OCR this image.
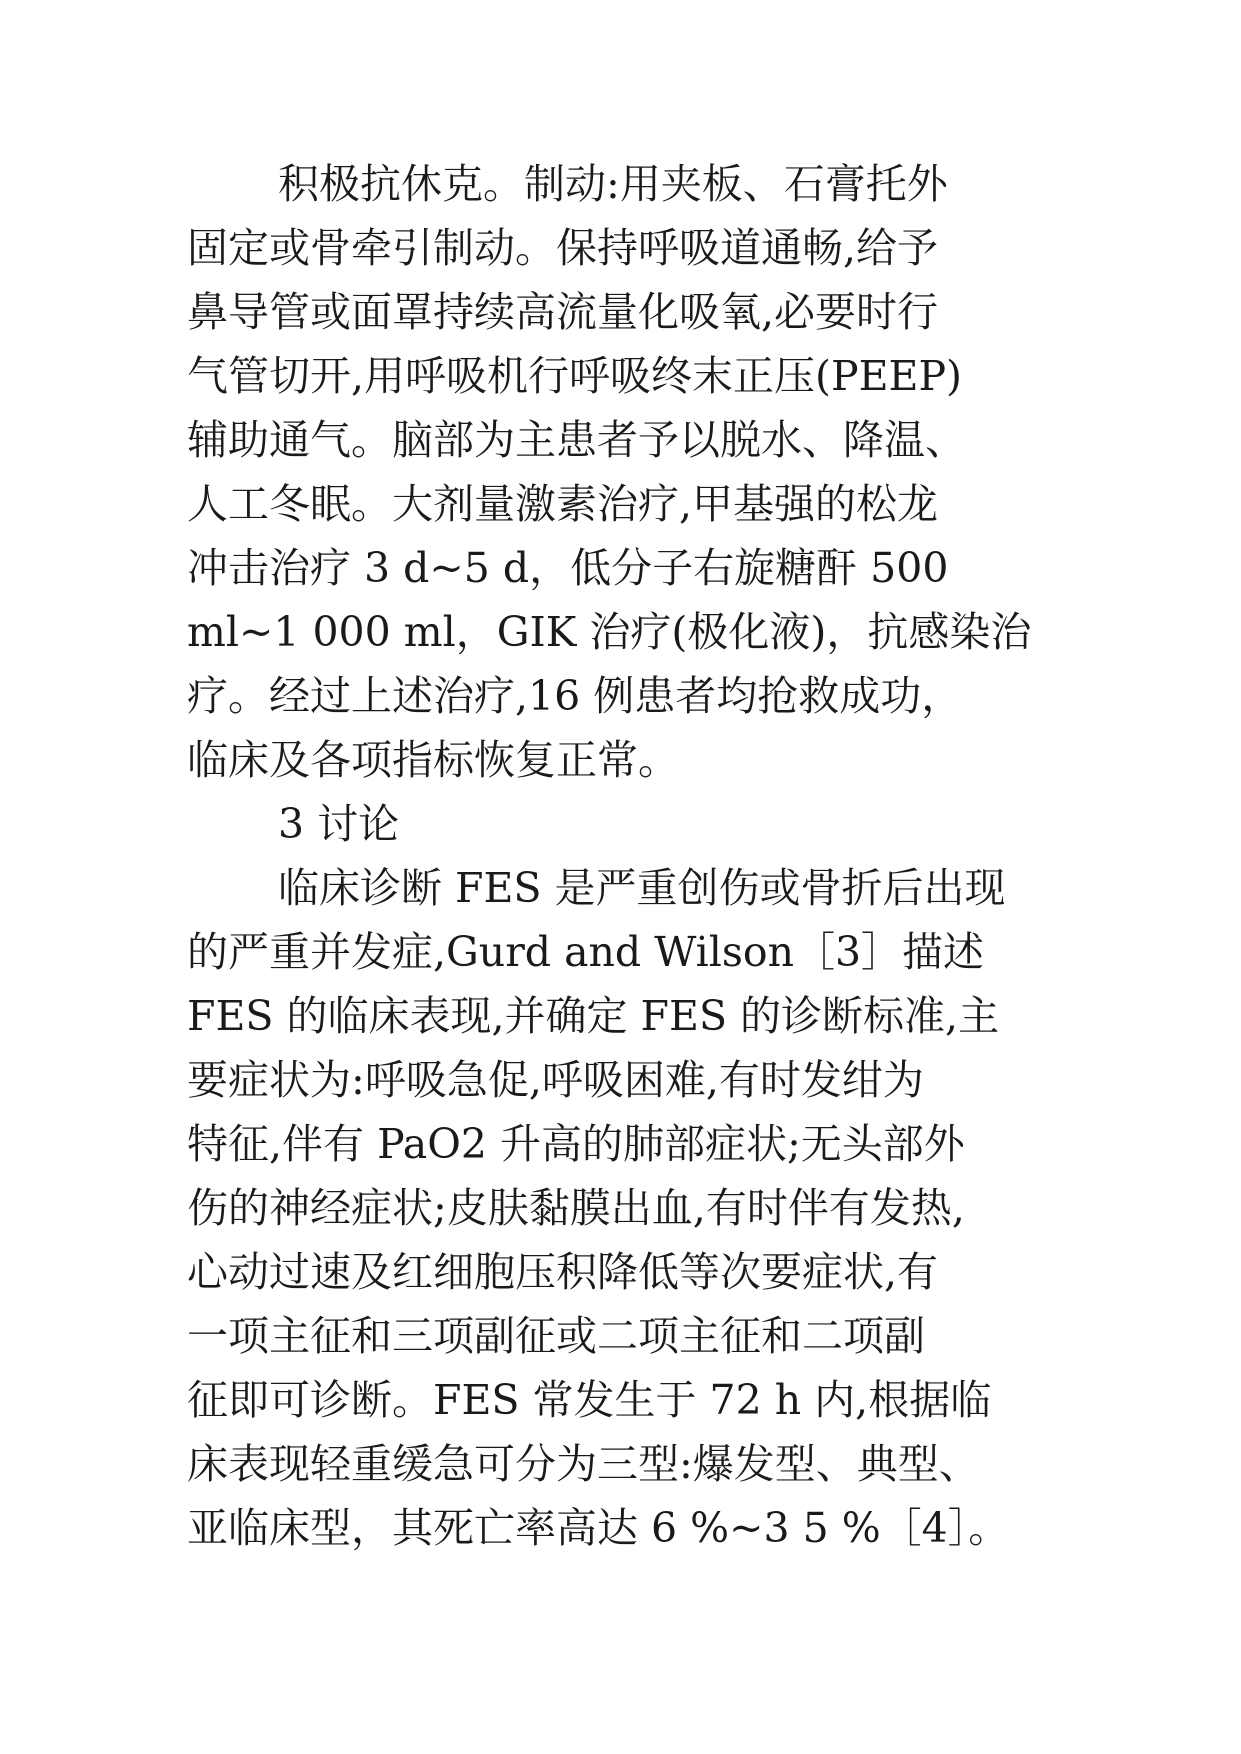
积极抗休克。制动:用夹板、石膏托外
固定或骨牵引制动。保持呼吸道通畅,给予
鼻导管或面罩持续高流量化吸氧,必要时行
气管切开,用呼吸机行呼吸终末正压(PEEP)
辅助通气。脑部为主患者予以脱水、降温、
人工冬眠。大剂量激素治疗,甲基强的松龙
冲击治疗 3 d~5 d，低分子右旋糖酐 500
ml~1 000 ml，GIK 治疗(极化液)，抗感染治
疗。经过上述治疗,16 例患者均抢救成功，
临床及各项指标恢复正常。
3 讨论
临床诊断 FES 是严重创伤或骨折后出现
的严重并发症,Gurd and Wilson［3］描述
FES 的临床表现,并确定 FES 的诊断标准,主
要症状为:呼吸急促,呼吸困难,有时发绀为
特征,伴有 PaO2 升高的肺部症状;无头部外
伤的神经症状;皮肤黏膜出血,有时伴有发热,
心动过速及红细胞压积降低等次要症状,有
一项主征和三项副征或二项主征和二项副
征即可诊断。FES 常发生于 72 h 内,根据临
床表现轻重缓急可分为三型:爆发型、典型、
亚临床型，其死亡率高达 6 %~3 5 %［4］。
